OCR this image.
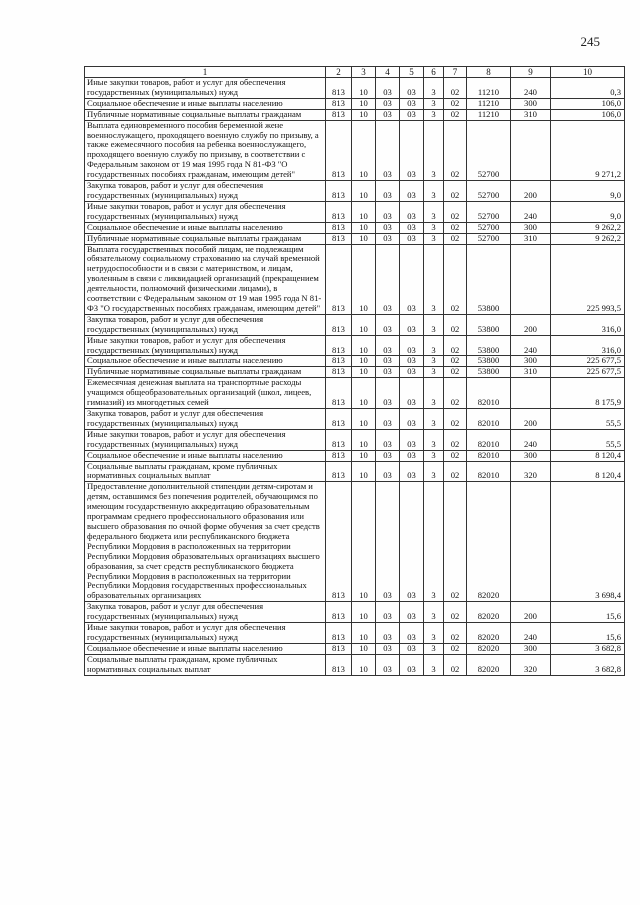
245
1	2	3	4	5	6	7	8	9	10
Иные закупки товаров, работ и услуг для обеспечения государственных (муниципальных) нужд	813	10	03	03	3	02	11210	240	0,3
Социальное обеспечение и иные выплаты населению	813	10	03	03	3	02	11210	300	106,0
Публичные нормативные социальные выплаты гражданам	813	10	03	03	3	02	11210	310	106,0
Выплата единовременного пособия беременной жене военнослужащего, проходящего военную службу по призыву, а также ежемесячного пособия на ребенка военнослужащего, проходящего военную службу по призыву, в соответствии с Федеральным законом от 19 мая 1995 года N 81-ФЗ "О государственных пособиях гражданам, имеющим детей"	813	10	03	03	3	02	52700		9 271,2
Закупка товаров, работ и услуг для обеспечения государственных (муниципальных) нужд	813	10	03	03	3	02	52700	200	9,0
Иные закупки товаров, работ и услуг для обеспечения государственных (муниципальных) нужд	813	10	03	03	3	02	52700	240	9,0
Социальное обеспечение и иные выплаты населению	813	10	03	03	3	02	52700	300	9 262,2
Публичные нормативные социальные выплаты гражданам	813	10	03	03	3	02	52700	310	9 262,2
Выплата государственных пособий лицам, не подлежащим обязательному социальному страхованию на случай временной нетрудоспособности и в связи с материнством, и лицам, уволенным в связи с ликвидацией организаций (прекращением деятельности, полномочий физическими лицами), в соответствии с Федеральным законом от 19 мая 1995 года N 81-ФЗ "О государственных пособиях гражданам, имеющим детей"	813	10	03	03	3	02	53800		225 993,5
Закупка товаров, работ и услуг для обеспечения государственных (муниципальных) нужд	813	10	03	03	3	02	53800	200	316,0
Иные закупки товаров, работ и услуг для обеспечения государственных (муниципальных) нужд	813	10	03	03	3	02	53800	240	316,0
Социальное обеспечение и иные выплаты населению	813	10	03	03	3	02	53800	300	225 677,5
Публичные нормативные социальные выплаты гражданам	813	10	03	03	3	02	53800	310	225 677,5
Ежемесячная денежная выплата на транспортные расходы учащимся общеобразовательных организаций (школ, лицеев, гимназий) из многодетных семей	813	10	03	03	3	02	82010		8 175,9
Закупка товаров, работ и услуг для обеспечения государственных (муниципальных) нужд	813	10	03	03	3	02	82010	200	55,5
Иные закупки товаров, работ и услуг для обеспечения государственных (муниципальных) нужд	813	10	03	03	3	02	82010	240	55,5
Социальное обеспечение и иные выплаты населению	813	10	03	03	3	02	82010	300	8 120,4
Социальные выплаты гражданам, кроме публичных нормативных социальных выплат	813	10	03	03	3	02	82010	320	8 120,4
Предоставление дополнительной стипендии детям-сиротам и детям, оставшимся без попечения родителей, обучающимся по имеющим государственную аккредитацию образовательным программам среднего профессионального образования или высшего образования по очной форме обучения за счет средств федерального бюджета или республиканского бюджета Республики Мордовия в расположенных на территории Республики Мордовия образовательных организациях высшего образования, за счет средств республиканского бюджета Республики Мордовия в расположенных на территории Республики Мордовия государственных профессиональных образовательных организациях	813	10	03	03	3	02	82020		3 698,4
Закупка товаров, работ и услуг для обеспечения государственных (муниципальных) нужд	813	10	03	03	3	02	82020	200	15,6
Иные закупки товаров, работ и услуг для обеспечения государственных (муниципальных) нужд	813	10	03	03	3	02	82020	240	15,6
Социальное обеспечение и иные выплаты населению	813	10	03	03	3	02	82020	300	3 682,8
Социальные выплаты гражданам, кроме публичных нормативных социальных выплат	813	10	03	03	3	02	82020	320	3 682,8
